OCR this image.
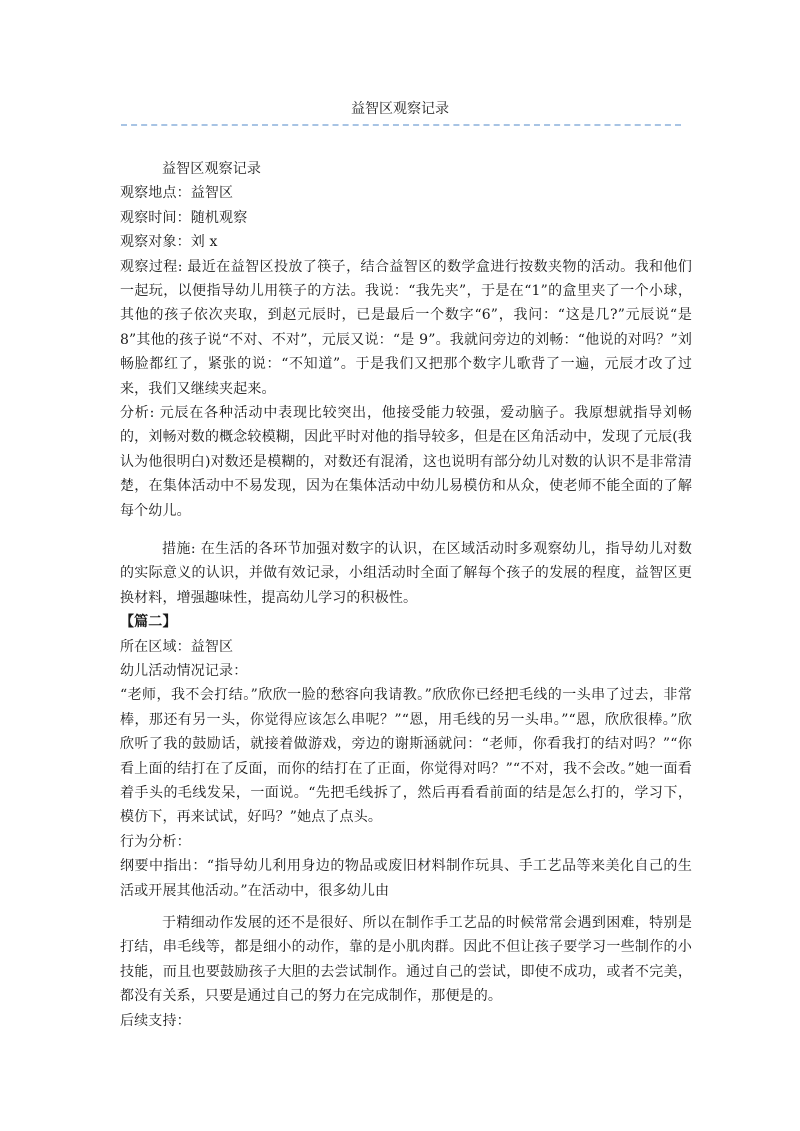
益智区观察记录

益智区观察记录

观察地点：益智区

观察时间：随机观察

观察对象：刘 x

观察过程: 最近在益智区投放了筷子，结合益智区的数学盒进行按数夹物的活动。我和他们一起玩，以便指导幼儿用筷子的方法。我说：“我先夹”，于是在“1”的盒里夹了一个小球，其他的孩子依次夹取，到赵元辰时，已是最后一个数字“6”，我问：“这是几?”元辰说“是 8”其他的孩子说“不对、不对”，元辰又说：“是 9”。我就问旁边的刘畅：“他说的对吗？”刘畅脸都红了，紧张的说：“不知道”。于是我们又把那个数字儿歌背了一遍，元辰才改了过来，我们又继续夹起来。

分析: 元辰在各种活动中表现比较突出，他接受能力较强，爱动脑子。我原想就指导刘畅的，刘畅对数的概念较模糊，因此平时对他的指导较多，但是在区角活动中，发现了元辰(我认为他很明白)对数还是模糊的，对数还有混淆，这也说明有部分幼儿对数的认识不是非常清楚，在集体活动中不易发现，因为在集体活动中幼儿易模仿和从众，使老师不能全面的了解每个幼儿。

措施: 在生活的各环节加强对数字的认识，在区域活动时多观察幼儿，指导幼儿对数的实际意义的认识，并做有效记录，小组活动时全面了解每个孩子的发展的程度，益智区更换材料，增强趣味性，提高幼儿学习的积极性。

【篇二】

所在区域：益智区

幼儿活动情况记录：

“老师，我不会打结。”欣欣一脸的愁容向我请教。”欣欣你已经把毛线的一头串了过去，非常棒，那还有另一头，你觉得应该怎么串呢？”“恩，用毛线的另一头串。”“恩，欣欣很棒。”欣欣听了我的鼓励话，就接着做游戏，旁边的谢斯涵就问：“老师，你看我打的结对吗？”“你看上面的结打在了反面，而你的结打在了正面，你觉得对吗？”“不对，我不会改。”她一面看着手头的毛线发呆，一面说。“先把毛线拆了，然后再看看前面的结是怎么打的，学习下，模仿下，再来试试，好吗？”她点了点头。

行为分析：

纲要中指出：“指导幼儿利用身边的物品或废旧材料制作玩具、手工艺品等来美化自己的生活或开展其他活动。”在活动中，很多幼儿由

于精细动作发展的还不是很好、所以在制作手工艺品的时候常常会遇到困难，特别是打结，串毛线等，都是细小的动作，靠的是小肌肉群。因此不但让孩子要学习一些制作的小技能，而且也要鼓励孩子大胆的去尝试制作。通过自己的尝试，即使不成功，或者不完美，都没有关系，只要是通过自己的努力在完成制作，那便是的。

后续支持：
